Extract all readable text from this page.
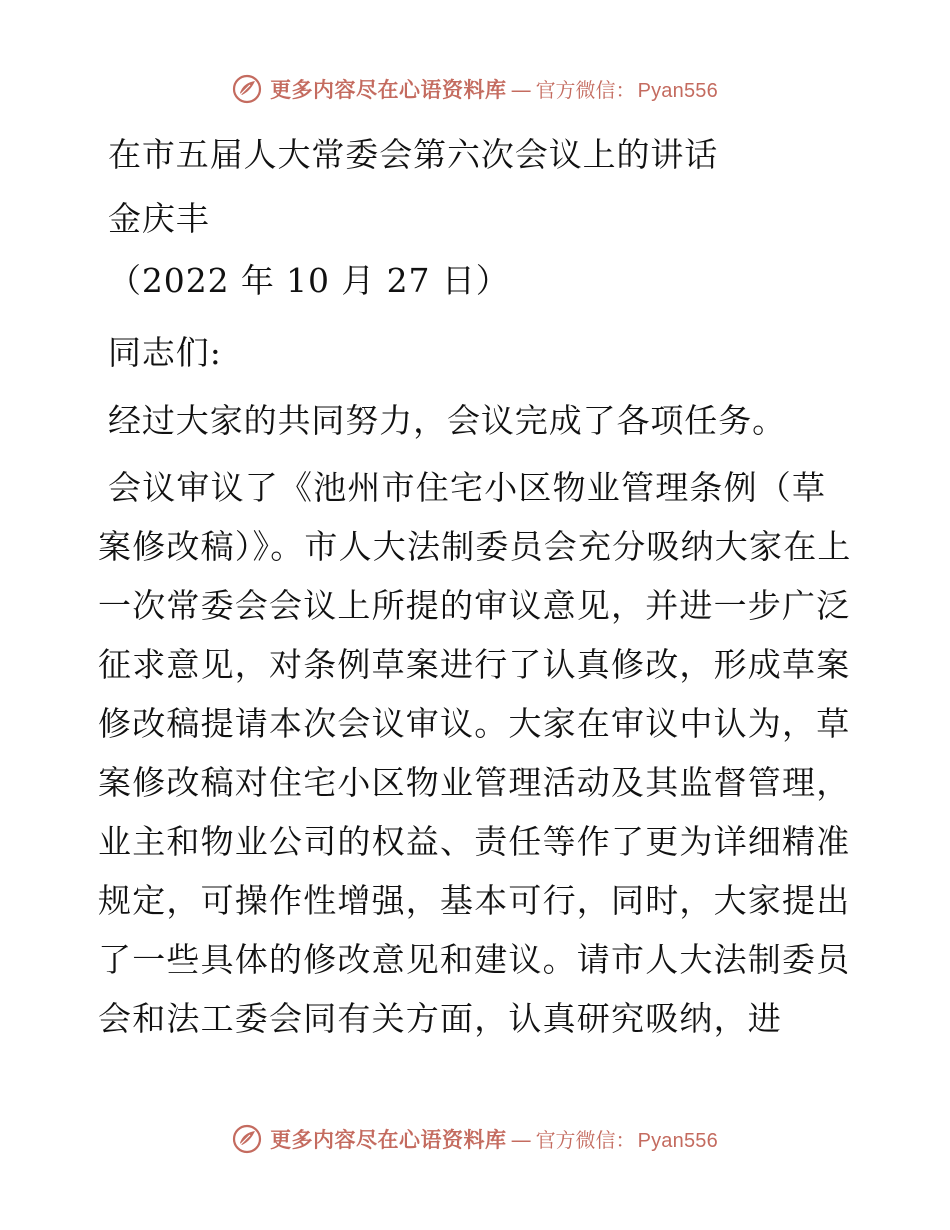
更多内容尽在心语资料库 — 官方微信： Pyan556

在市五届人大常委会第六次会议上的讲话

金庆丰

（2022 年 10 月 27 日）

同志们:

经过大家的共同努力，会议完成了各项任务。

会议审议了《池州市住宅小区物业管理条例（草案修改稿）》。市人大法制委员会充分吸纳大家在上一次常委会会议上所提的审议意见，并进一步广泛征求意见，对条例草案进行了认真修改，形成草案修改稿提请本次会议审议。大家在审议中认为，草案修改稿对住宅小区物业管理活动及其监督管理，业主和物业公司的权益、责任等作了更为详细精准规定，可操作性增强，基本可行，同时，大家提出了一些具体的修改意见和建议。请市人大法制委员会和法工委会同有关方面，认真研究吸纳，进

更多内容尽在心语资料库 — 官方微信： Pyan556
